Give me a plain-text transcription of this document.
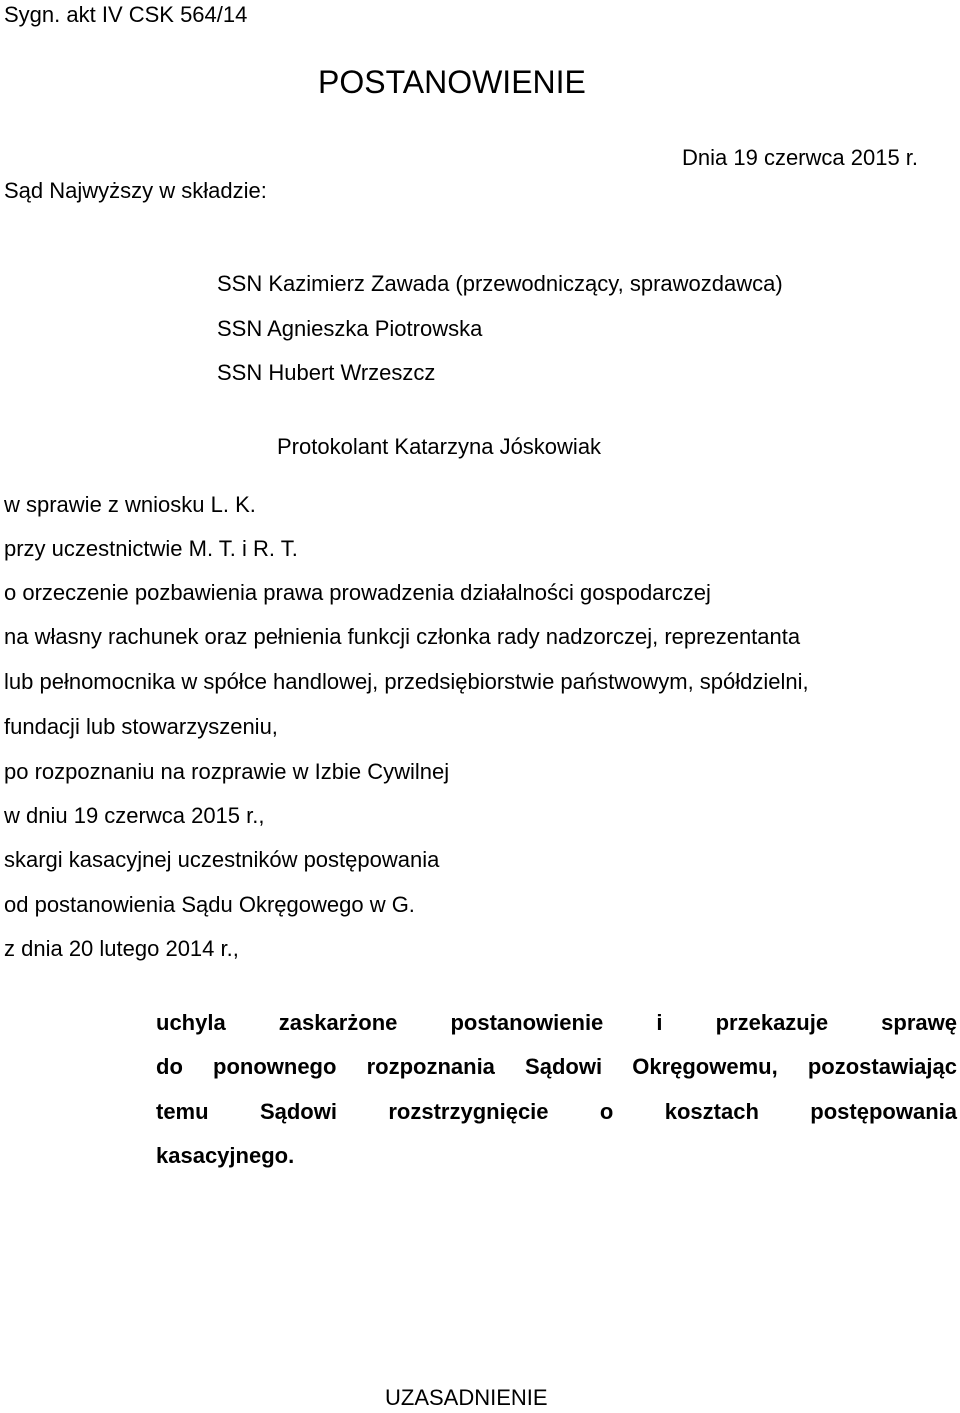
Sygn. akt IV CSK 564/14
POSTANOWIENIE
Dnia 19 czerwca 2015 r.
Sąd Najwyższy w składzie:
SSN Kazimierz Zawada (przewodniczący, sprawozdawca)
SSN Agnieszka Piotrowska
SSN Hubert Wrzeszcz
Protokolant Katarzyna Jóskowiak
w sprawie z wniosku L. K.
przy uczestnictwie M. T. i R. T.
o orzeczenie pozbawienia prawa prowadzenia działalności gospodarczej
na własny rachunek oraz pełnienia funkcji członka rady nadzorczej, reprezentanta
lub pełnomocnika w spółce handlowej, przedsiębiorstwie państwowym, spółdzielni,
fundacji lub stowarzyszeniu,
po rozpoznaniu na rozprawie w Izbie Cywilnej
w dniu 19 czerwca 2015 r.,
skargi kasacyjnej uczestników postępowania
od postanowienia Sądu Okręgowego w G.
z dnia 20 lutego 2014 r.,
uchyla zaskarżone postanowienie i przekazuje sprawę
do ponownego rozpoznania Sądowi Okręgowemu, pozostawiając
temu Sądowi rozstrzygnięcie o kosztach postępowania
kasacyjnego.
UZASADNIENIE
